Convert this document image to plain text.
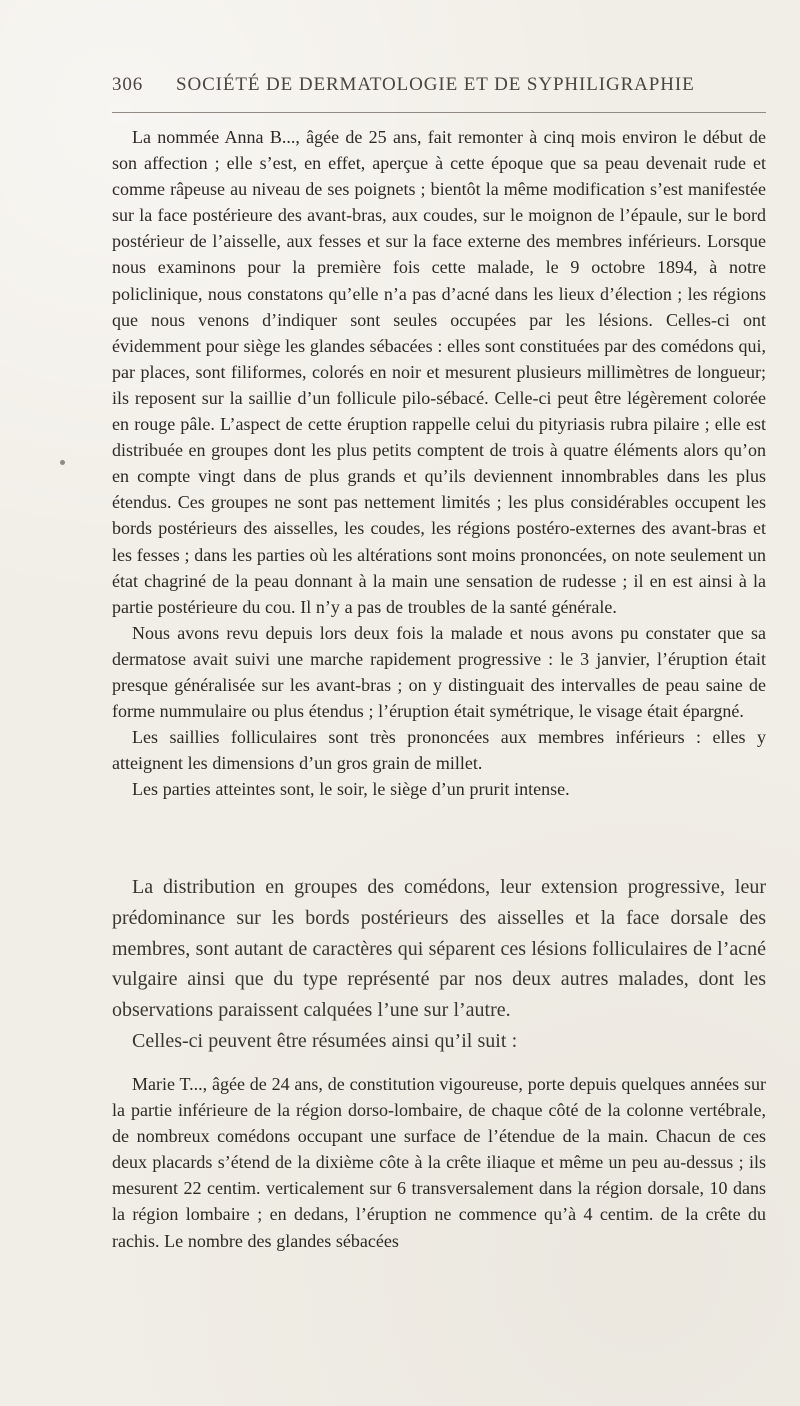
306 SOCIÉTÉ DE DERMATOLOGIE ET DE SYPHILIGRAPHIE

La nommée Anna B..., âgée de 25 ans, fait remonter à cinq mois environ le début de son affection ; elle s’est, en effet, aperçue à cette époque que sa peau devenait rude et comme râpeuse au niveau de ses poignets ; bientôt la même modification s’est manifestée sur la face postérieure des avant-bras, aux coudes, sur le moignon de l’épaule, sur le bord postérieur de l’aisselle, aux fesses et sur la face externe des membres inférieurs. Lorsque nous examinons pour la première fois cette malade, le 9 octobre 1894, à notre policlinique, nous constatons qu’elle n’a pas d’acné dans les lieux d’élection ; les régions que nous venons d’indiquer sont seules occupées par les lésions. Celles-ci ont évidemment pour siège les glandes sébacées : elles sont constituées par des comédons qui, par places, sont filiformes, colorés en noir et mesurent plusieurs millimètres de longueur; ils reposent sur la saillie d’un follicule pilo-sébacé. Celle-ci peut être légèrement colorée en rouge pâle. L’aspect de cette éruption rappelle celui du pityriasis rubra pilaire ; elle est distribuée en groupes dont les plus petits comptent de trois à quatre éléments alors qu’on en compte vingt dans de plus grands et qu’ils deviennent innombrables dans les plus étendus. Ces groupes ne sont pas nettement limités ; les plus considérables occupent les bords postérieurs des aisselles, les coudes, les régions postéro-externes des avant-bras et les fesses ; dans les parties où les altérations sont moins prononcées, on note seulement un état chagriné de la peau donnant à la main une sensation de rudesse ; il en est ainsi à la partie postérieure du cou. Il n’y a pas de troubles de la santé générale.

Nous avons revu depuis lors deux fois la malade et nous avons pu constater que sa dermatose avait suivi une marche rapidement progressive : le 3 janvier, l’éruption était presque généralisée sur les avant-bras ; on y distinguait des intervalles de peau saine de forme nummulaire ou plus étendus ; l’éruption était symétrique, le visage était épargné.

Les saillies folliculaires sont très prononcées aux membres inférieurs : elles y atteignent les dimensions d’un gros grain de millet.

Les parties atteintes sont, le soir, le siège d’un prurit intense.

La distribution en groupes des comédons, leur extension progressive, leur prédominance sur les bords postérieurs des aisselles et la face dorsale des membres, sont autant de caractères qui séparent ces lésions folliculaires de l’acné vulgaire ainsi que du type représenté par nos deux autres malades, dont les observations paraissent calquées l’une sur l’autre.

Celles-ci peuvent être résumées ainsi qu’il suit :

Marie T..., âgée de 24 ans, de constitution vigoureuse, porte depuis quelques années sur la partie inférieure de la région dorso-lombaire, de chaque côté de la colonne vertébrale, de nombreux comédons occupant une surface de l’étendue de la main. Chacun de ces deux placards s’étend de la dixième côte à la crête iliaque et même un peu au-dessus ; ils mesurent 22 centim. verticalement sur 6 transversalement dans la région dorsale, 10 dans la région lombaire ; en dedans, l’éruption ne commence qu’à 4 centim. de la crête du rachis. Le nombre des glandes sébacées
